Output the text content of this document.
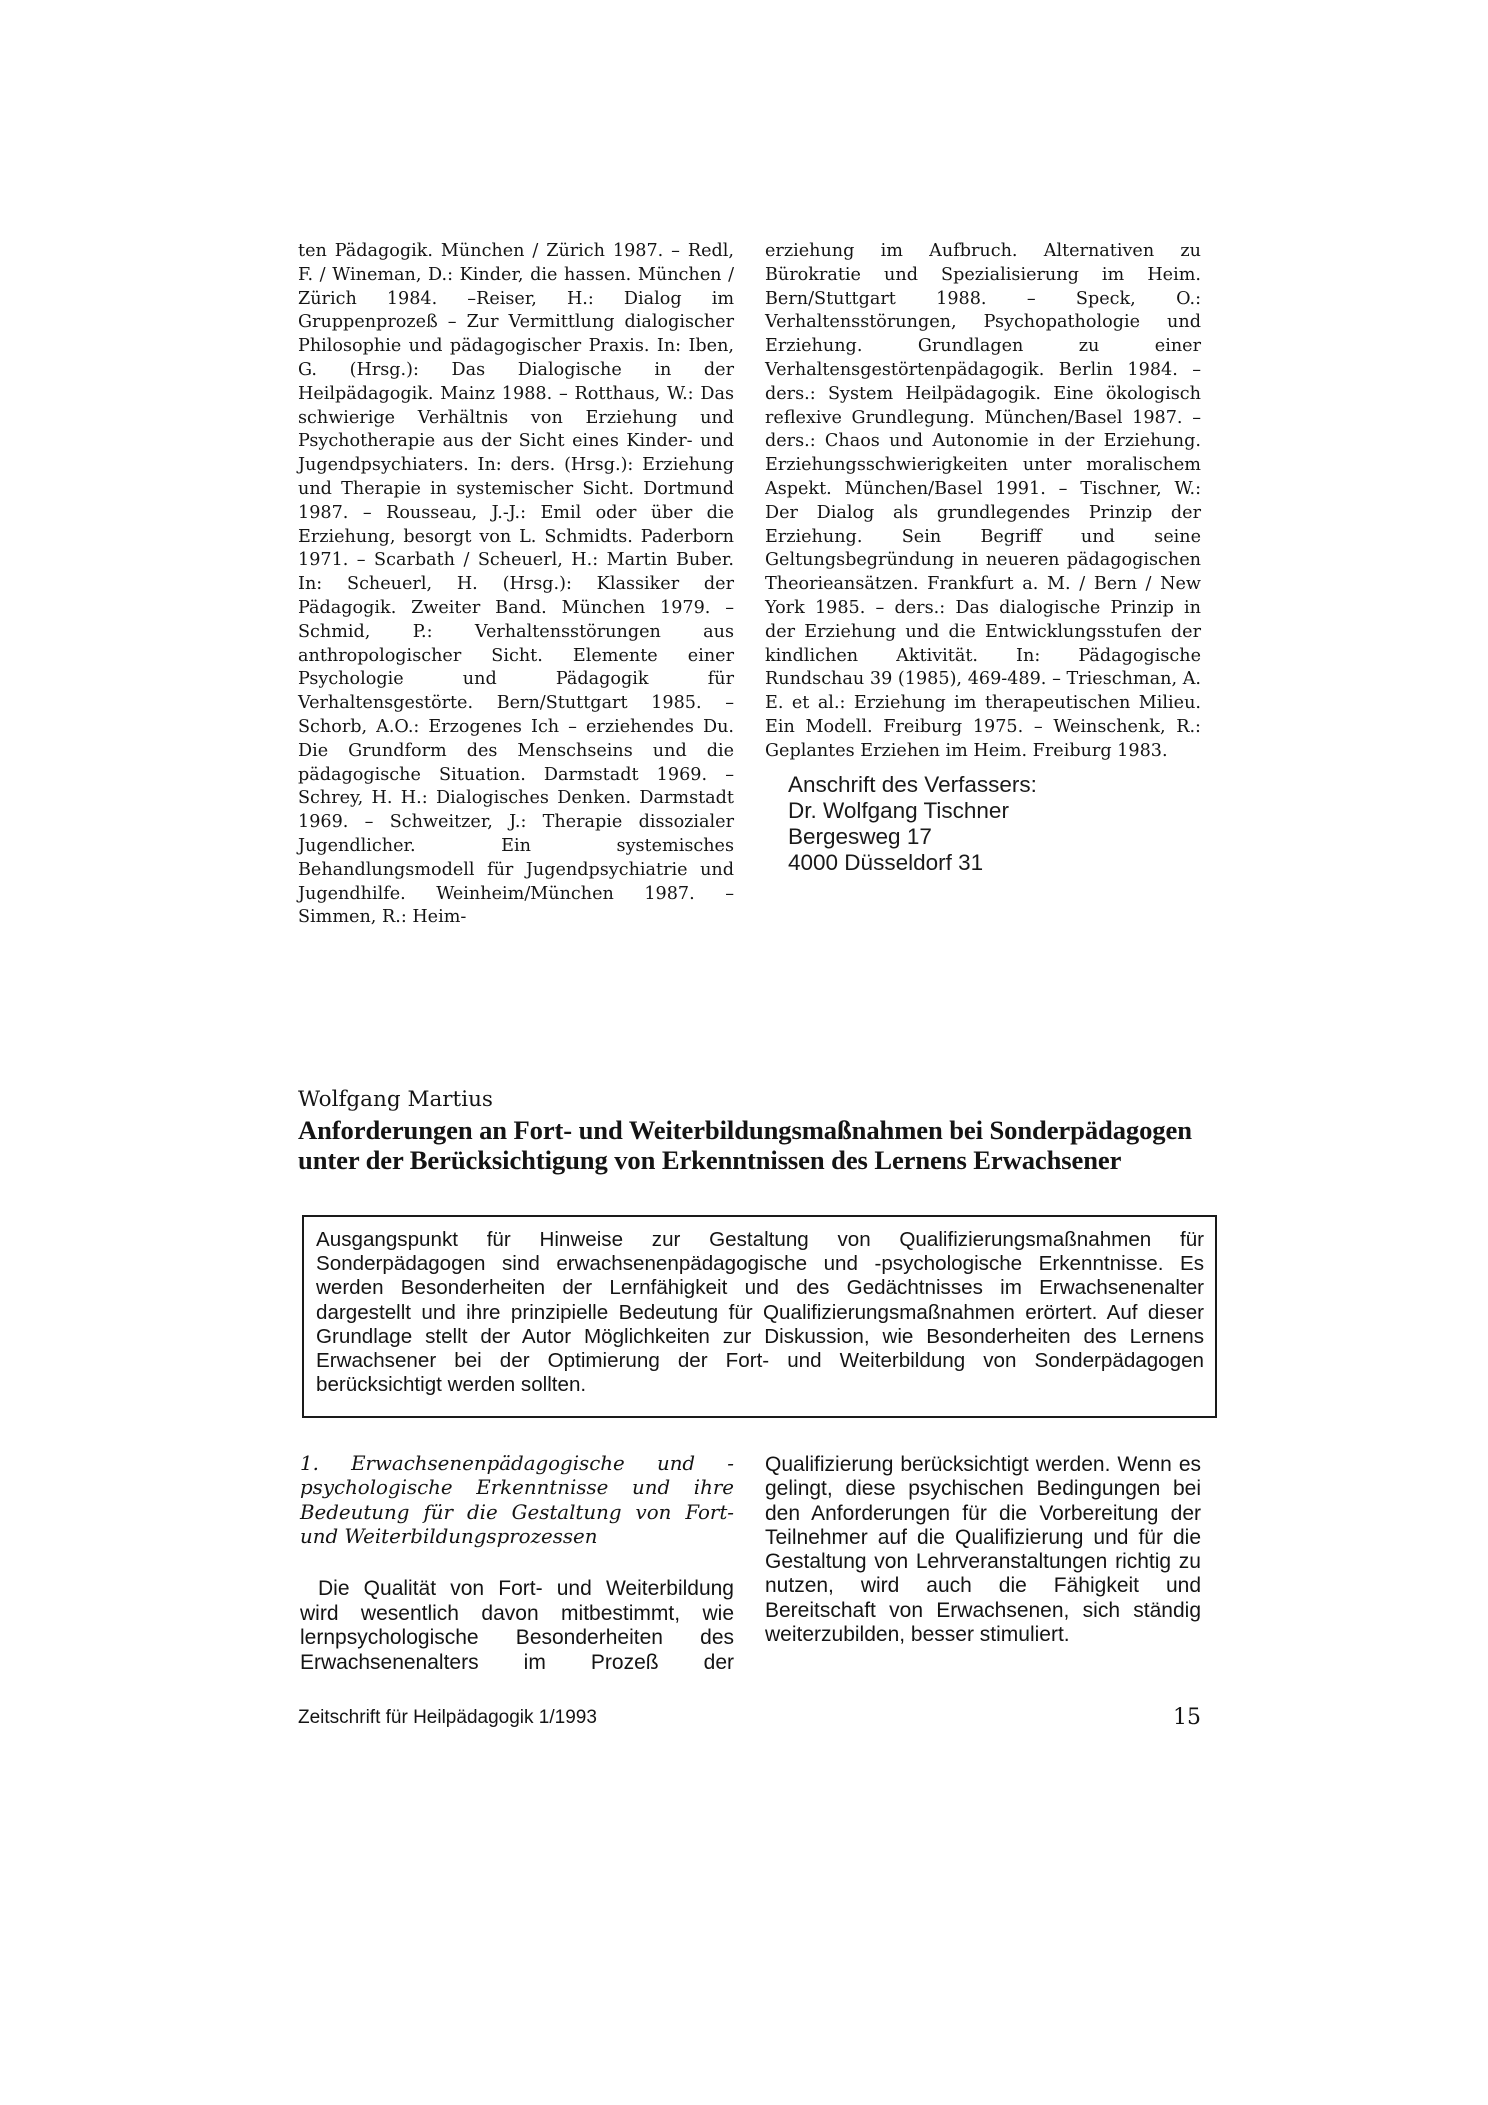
ten Pädagogik. München / Zürich 1987. – Redl, F. / Wineman, D.: Kinder, die hassen. München / Zürich 1984. –Reiser, H.: Dialog im Gruppenprozeß – Zur Vermittlung dialogischer Philosophie und pädagogischer Praxis. In: Iben, G. (Hrsg.): Das Dialogische in der Heilpädagogik. Mainz 1988. – Rotthaus, W.: Das schwierige Verhältnis von Erziehung und Psychotherapie aus der Sicht eines Kinder- und Jugendpsychiaters. In: ders. (Hrsg.): Erziehung und Therapie in systemischer Sicht. Dortmund 1987. – Rousseau, J.-J.: Emil oder über die Erziehung, besorgt von L. Schmidts. Paderborn 1971. – Scarbath / Scheuerl, H.: Martin Buber. In: Scheuerl, H. (Hrsg.): Klassiker der Pädagogik. Zweiter Band. München 1979. – Schmid, P.: Verhaltensstörungen aus anthropologischer Sicht. Elemente einer Psychologie und Pädagogik für Verhaltensgestörte. Bern/Stuttgart 1985. – Schorb, A.O.: Erzogenes Ich – erziehendes Du. Die Grundform des Menschseins und die pädagogische Situation. Darmstadt 1969. – Schrey, H. H.: Dialogisches Denken. Darmstadt 1969. – Schweitzer, J.: Therapie dissozialer Jugendlicher. Ein systemisches Behandlungsmodell für Jugendpsychiatrie und Jugendhilfe. Weinheim/München 1987. – Simmen, R.: Heim-

erziehung im Aufbruch. Alternativen zu Bürokratie und Spezialisierung im Heim. Bern/Stuttgart 1988. – Speck, O.: Verhaltensstörungen, Psychopathologie und Erziehung. Grundlagen zu einer Verhaltensgestörtenpädagogik. Berlin 1984. – ders.: System Heilpädagogik. Eine ökologisch reflexive Grundlegung. München/Basel 1987. – ders.: Chaos und Autonomie in der Erziehung. Erziehungsschwierigkeiten unter moralischem Aspekt. München/Basel 1991. – Tischner, W.: Der Dialog als grundlegendes Prinzip der Erziehung. Sein Begriff und seine Geltungsbegründung in neueren pädagogischen Theorieansätzen. Frankfurt a. M. / Bern / New York 1985. – ders.: Das dialogische Prinzip in der Erziehung und die Entwicklungsstufen der kindlichen Aktivität. In: Pädagogische Rundschau 39 (1985), 469-489. – Trieschman, A. E. et al.: Erziehung im therapeutischen Milieu. Ein Modell. Freiburg 1975. – Weinschenk, R.: Geplantes Erziehen im Heim. Freiburg 1983.

Anschrift des Verfassers:
Dr. Wolfgang Tischner
Bergesweg 17
4000 Düsseldorf 31
Wolfgang Martius
Anforderungen an Fort- und Weiterbildungsmaßnahmen bei Sonderpädagogen unter der Berücksichtigung von Erkenntnissen des Lernens Erwachsener
Ausgangspunkt für Hinweise zur Gestaltung von Qualifizierungsmaßnahmen für Sonderpädagogen sind erwachsenenpädagogische und -psychologische Erkenntnisse. Es werden Besonderheiten der Lernfähigkeit und des Gedächtnisses im Erwachsenenalter dargestellt und ihre prinzipielle Bedeutung für Qualifizierungsmaßnahmen erörtert. Auf dieser Grundlage stellt der Autor Möglichkeiten zur Diskussion, wie Besonderheiten des Lernens Erwachsener bei der Optimierung der Fort- und Weiterbildung von Sonderpädagogen berücksichtigt werden sollten.
1. Erwachsenenpädagogische und -psychologische Erkenntnisse und ihre Bedeutung für die Gestaltung von Fort- und Weiterbildungsprozessen
Die Qualität von Fort- und Weiterbildung wird wesentlich davon mitbestimmt, wie lernpsychologische Besonderheiten des Erwachsenenalters im Prozeß der
Qualifizierung berücksichtigt werden. Wenn es gelingt, diese psychischen Bedingungen bei den Anforderungen für die Vorbereitung der Teilnehmer auf die Qualifizierung und für die Gestaltung von Lehrveranstaltungen richtig zu nutzen, wird auch die Fähigkeit und Bereitschaft von Erwachsenen, sich ständig weiterzubilden, besser stimuliert.
Zeitschrift für Heilpädagogik 1/1993	15
